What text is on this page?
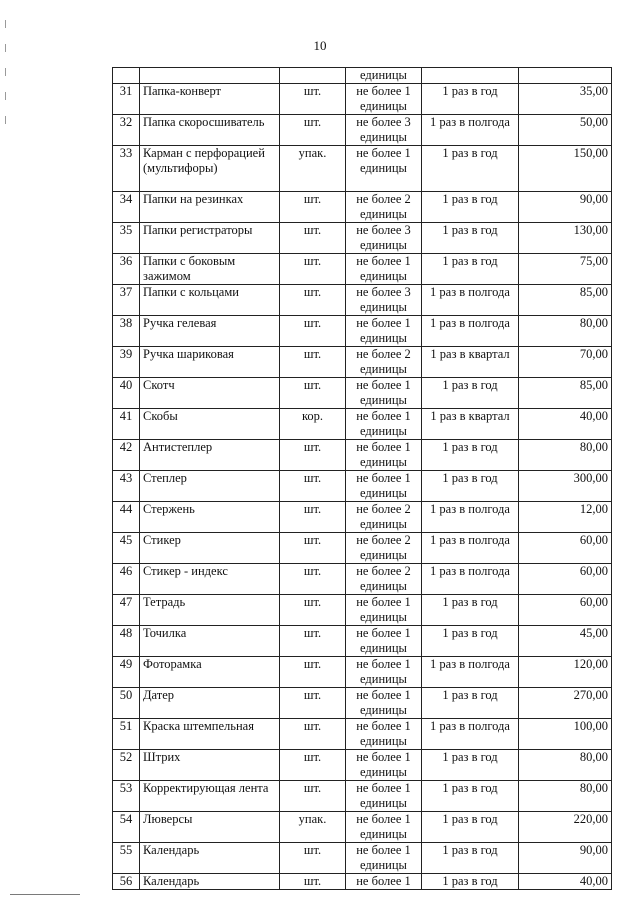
10
			единицы		
31	Папка-конверт	шт.	не более 1 единицы	1 раз в год	35,00
32	Папка скоросшиватель	шт.	не более 3 единицы	1 раз в полгода	50,00
33	Карман с перфорацией (мультифоры)	упак.	не более 1 единицы	1 раз в год	150,00
34	Папки на резинках	шт.	не более 2 единицы	1 раз в год	90,00
35	Папки регистраторы	шт.	не более 3 единицы	1 раз в год	130,00
36	Папки с боковым зажимом	шт.	не более 1 единицы	1 раз в год	75,00
37	Папки с кольцами	шт.	не более 3 единицы	1 раз в полгода	85,00
38	Ручка гелевая	шт.	не более 1 единицы	1 раз в полгода	80,00
39	Ручка шариковая	шт.	не более 2 единицы	1 раз в квартал	70,00
40	Скотч	шт.	не более 1 единицы	1 раз в год	85,00
41	Скобы	кор.	не более 1 единицы	1 раз в квартал	40,00
42	Антистеплер	шт.	не более 1 единицы	1 раз в год	80,00
43	Степлер	шт.	не более 1 единицы	1 раз в год	300,00
44	Стержень	шт.	не более 2 единицы	1 раз в полгода	12,00
45	Стикер	шт.	не более 2 единицы	1 раз в полгода	60,00
46	Стикер - индекс	шт.	не более 2 единицы	1 раз в полгода	60,00
47	Тетрадь	шт.	не более 1 единицы	1 раз в год	60,00
48	Точилка	шт.	не более 1 единицы	1 раз в год	45,00
49	Фоторамка	шт.	не более 1 единицы	1 раз в полгода	120,00
50	Датер	шт.	не более 1 единицы	1 раз в год	270,00
51	Краска штемпельная	шт.	не более 1 единицы	1 раз в полгода	100,00
52	Штрих	шт.	не более 1 единицы	1 раз в год	80,00
53	Корректирующая лента	шт.	не более 1 единицы	1 раз в год	80,00
54	Люверсы	упак.	не более 1 единицы	1 раз в год	220,00
55	Календарь	шт.	не более 1 единицы	1 раз в год	90,00
56	Календарь	шт.	не более 1	1 раз в год	40,00
